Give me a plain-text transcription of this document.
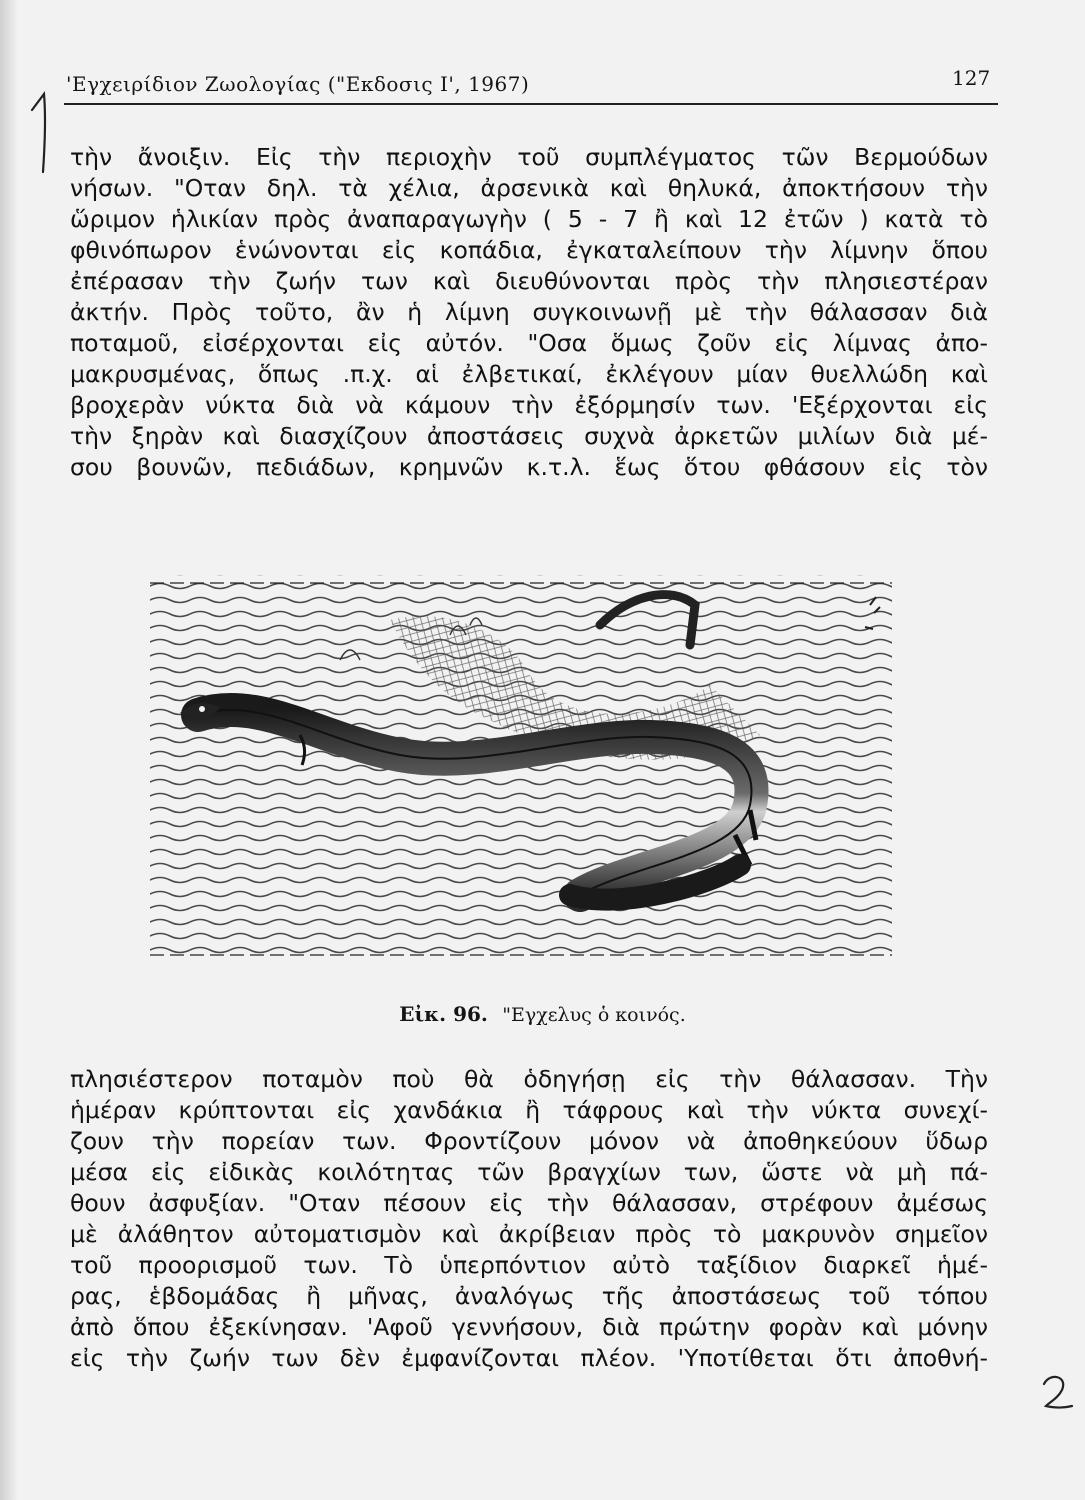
'Εγχειρίδιον Ζωολογίας ("Εκδοσις Ι', 1967)	127
τὴν ἄνοιξιν. Εἰς τὴν περιοχὴν τοῦ συμπλέγματος τῶν Βερμούδων
νήσων. "Οταν δηλ. τὰ χέλια, ἀρσενικὰ καὶ θηλυκά, ἀποκτήσουν τὴν
ὥριμον ἡλικίαν πρὸς ἀναπαραγωγὴν ( 5 - 7 ἢ καὶ 12 ἐτῶν ) κατὰ τὸ
φθινόπωρον ἑνώνονται εἰς κοπάδια, ἐγκαταλείπουν τὴν λίμνην ὅπου
ἐπέρασαν τὴν ζωήν των καὶ διευθύνονται πρὸς τὴν πλησιεστέραν
ἀκτήν. Πρὸς τοῦτο, ἂν ἡ λίμνη συγκοινωνῇ μὲ τὴν θάλασσαν διὰ
ποταμοῦ, εἰσέρχονται εἰς αὐτόν. "Οσα ὅμως ζοῦν εἰς λίμνας ἀπο-
μακρυσμένας, ὅπως .π.χ. αἱ ἐλβετικαί, ἐκλέγουν μίαν θυελλώδη καὶ
βροχερὰν νύκτα διὰ νὰ κάμουν τὴν ἐξόρμησίν των. 'Εξέρχονται εἰς
τὴν ξηρὰν καὶ διασχίζουν ἀποστάσεις συχνὰ ἀρκετῶν μιλίων διὰ μέ-
σου βουνῶν, πεδιάδων, κρημνῶν κ.τ.λ. ἕως ὅτου φθάσουν εἰς τὸν
Εἰκ. 96. "Εγχελυς ὁ κοινός.
πλησιέστερον ποταμὸν ποὺ θὰ ὁδηγήσῃ εἰς τὴν θάλασσαν. Τὴν
ἡμέραν κρύπτονται εἰς χανδάκια ἢ τάφρους καὶ τὴν νύκτα συνεχί-
ζουν τὴν πορείαν των. Φροντίζουν μόνον νὰ ἀποθηκεύουν ὕδωρ
μέσα εἰς εἰδικὰς κοιλότητας τῶν βραγχίων των, ὥστε νὰ μὴ πά-
θουν ἀσφυξίαν. "Οταν πέσουν εἰς τὴν θάλασσαν, στρέφουν ἀμέσως
μὲ ἀλάθητον αὐτοματισμὸν καὶ ἀκρίβειαν πρὸς τὸ μακρυνὸν σημεῖον
τοῦ προορισμοῦ των. Τὸ ὑπερπόντιον αὐτὸ ταξίδιον διαρκεῖ ἡμέ-
ρας, ἑβδομάδας ἢ μῆνας, ἀναλόγως τῆς ἀποστάσεως τοῦ τόπου
ἀπὸ ὅπου ἐξεκίνησαν. 'Αφοῦ γεννήσουν, διὰ πρώτην φορὰν καὶ μόνην
εἰς τὴν ζωήν των δὲν ἐμφανίζονται πλέον. 'Υποτίθεται ὅτι ἀποθνή-
